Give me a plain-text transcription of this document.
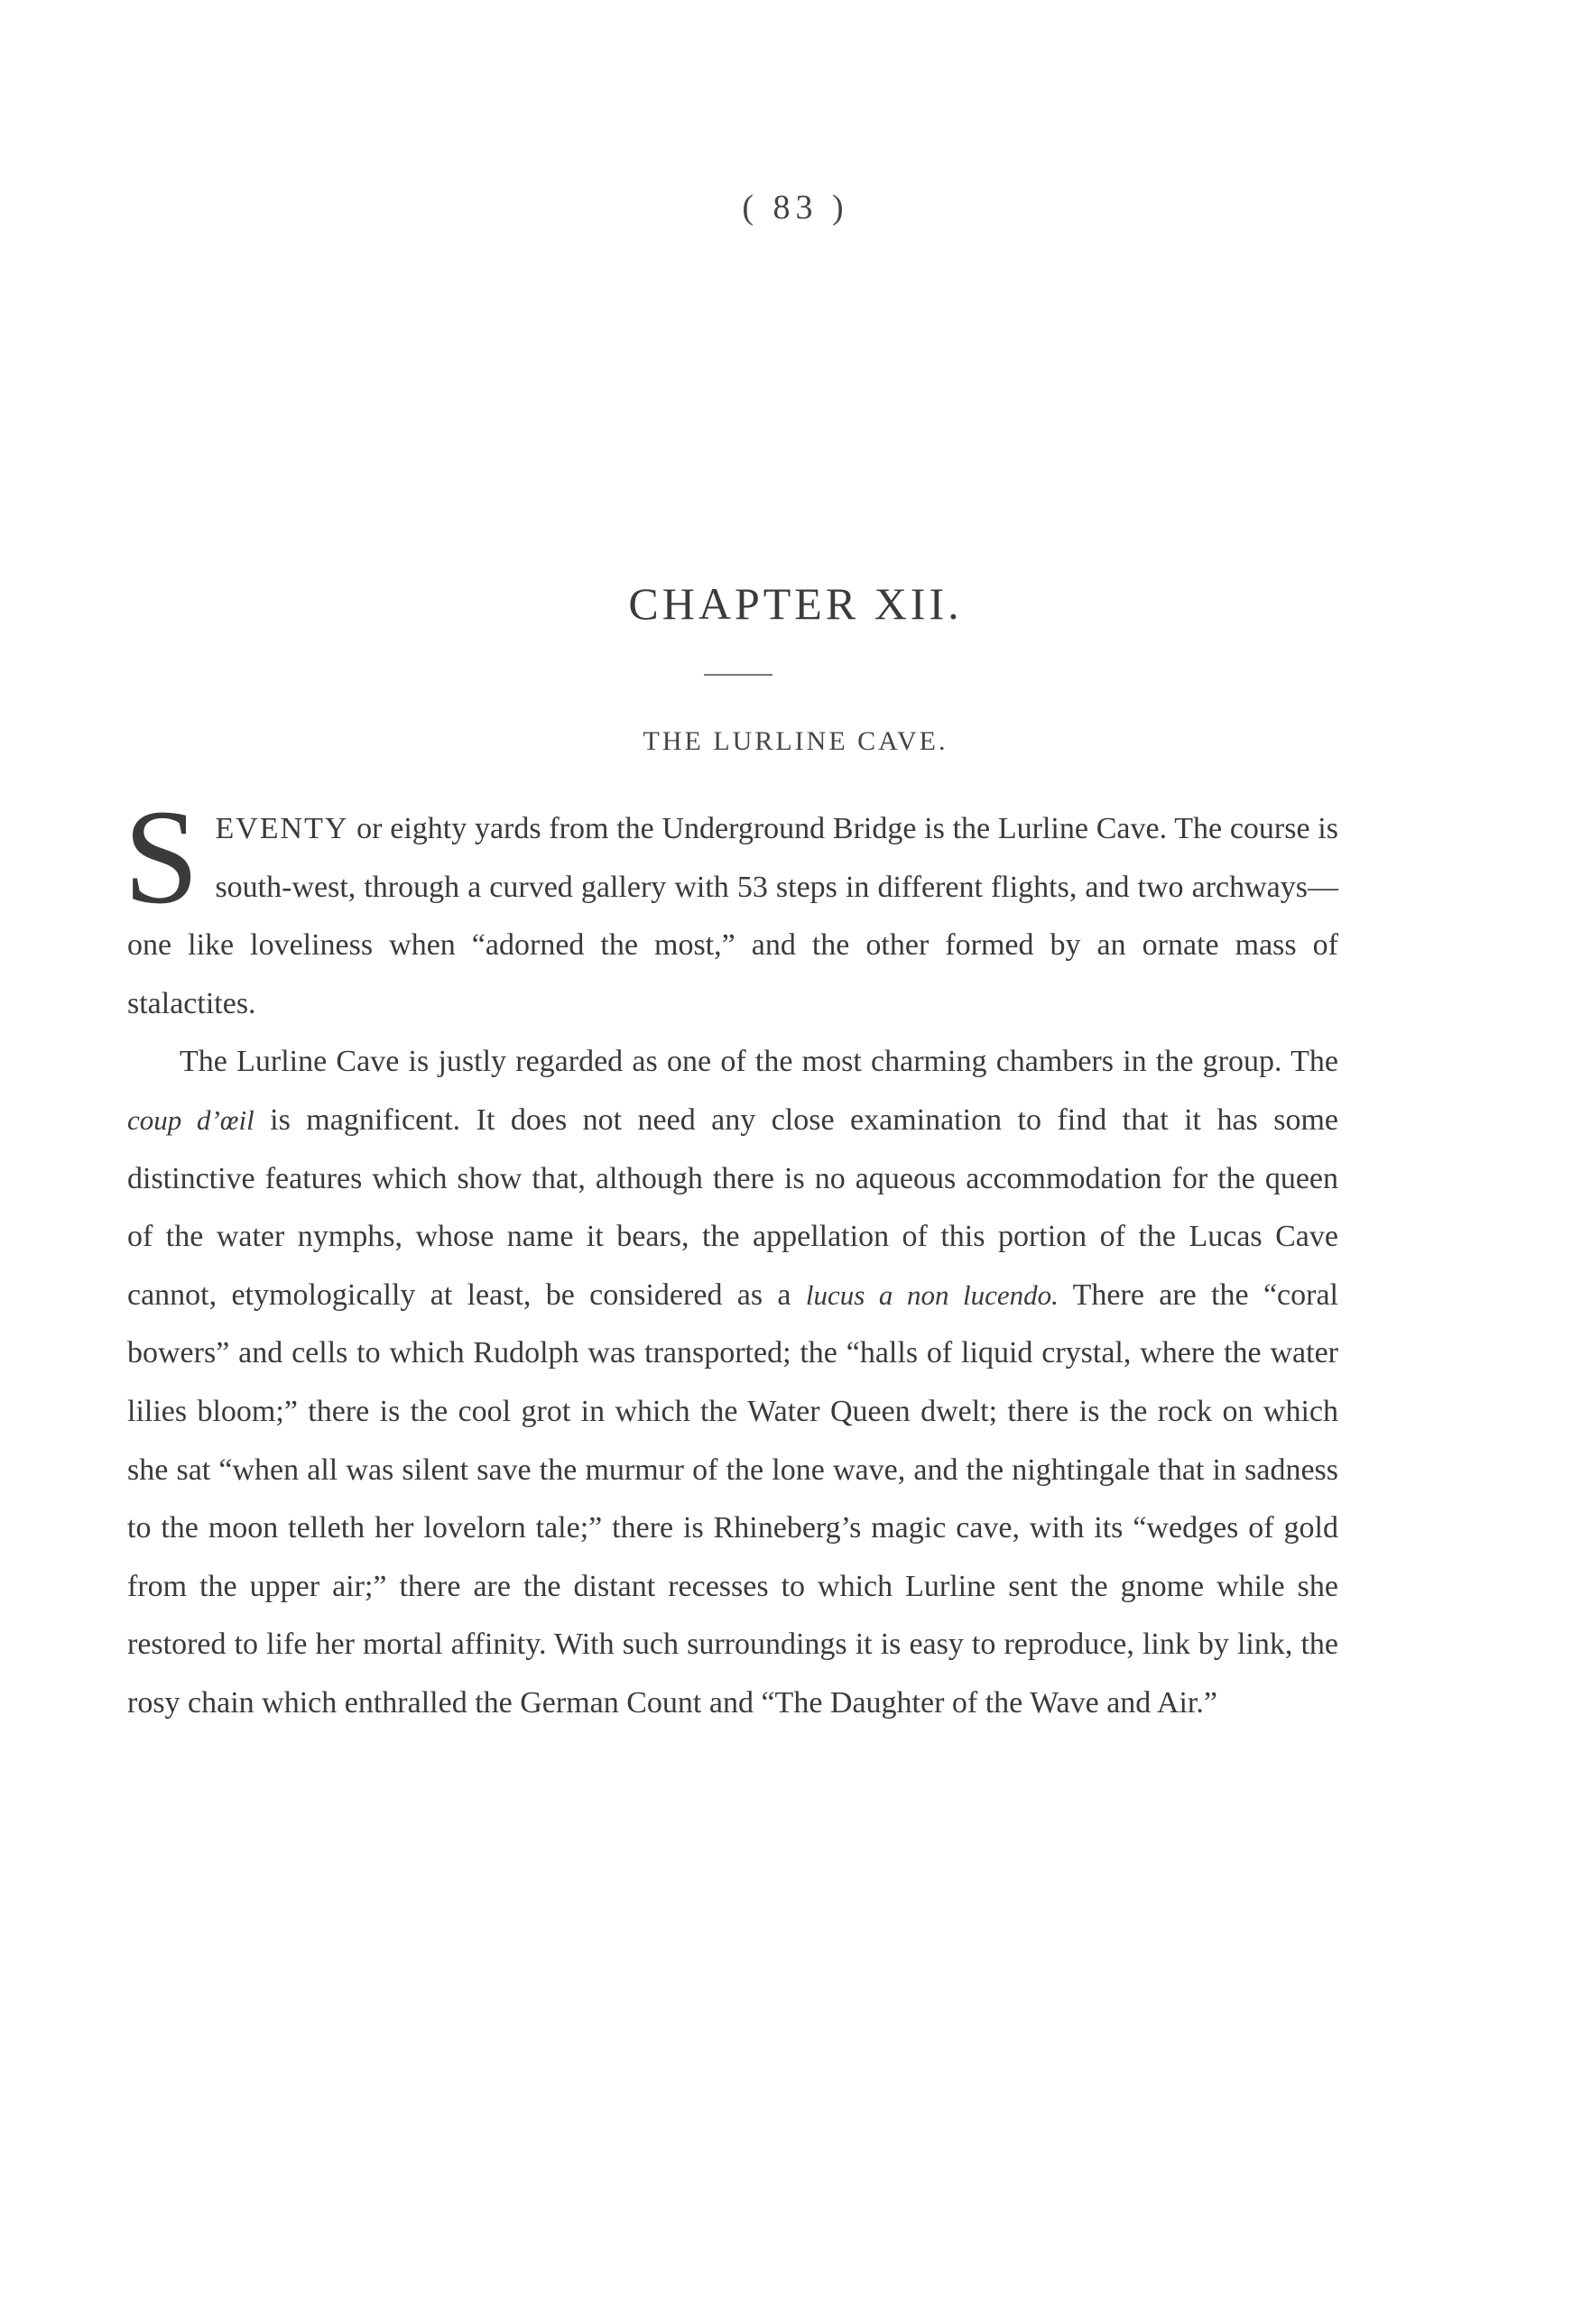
( 83 )
CHAPTER XII.
THE LURLINE CAVE.

SEVENTY or eighty yards from the Underground Bridge is the Lurline Cave. The course is south-west, through a curved gallery with 53 steps in different flights, and two archways—one like loveliness when “adorned the most,” and the other formed by an ornate mass of stalactites.

The Lurline Cave is justly regarded as one of the most charming chambers in the group. The coup d’œil is magnificent. It does not need any close examination to find that it has some distinctive features which show that, although there is no aqueous accommodation for the queen of the water nymphs, whose name it bears, the appellation of this portion of the Lucas Cave cannot, etymologically at least, be considered as a lucus a non lucendo. There are the “coral bowers” and cells to which Rudolph was transported; the “halls of liquid crystal, where the water lilies bloom;” there is the cool grot in which the Water Queen dwelt; there is the rock on which she sat “when all was silent save the murmur of the lone wave, and the nightingale that in sadness to the moon telleth her lovelorn tale;” there is Rhineberg’s magic cave, with its “wedges of gold from the upper air;” there are the distant recesses to which Lurline sent the gnome while she restored to life her mortal affinity. With such surroundings it is easy to reproduce, link by link, the rosy chain which enthralled the German Count and “The Daughter of the Wave and Air.”
